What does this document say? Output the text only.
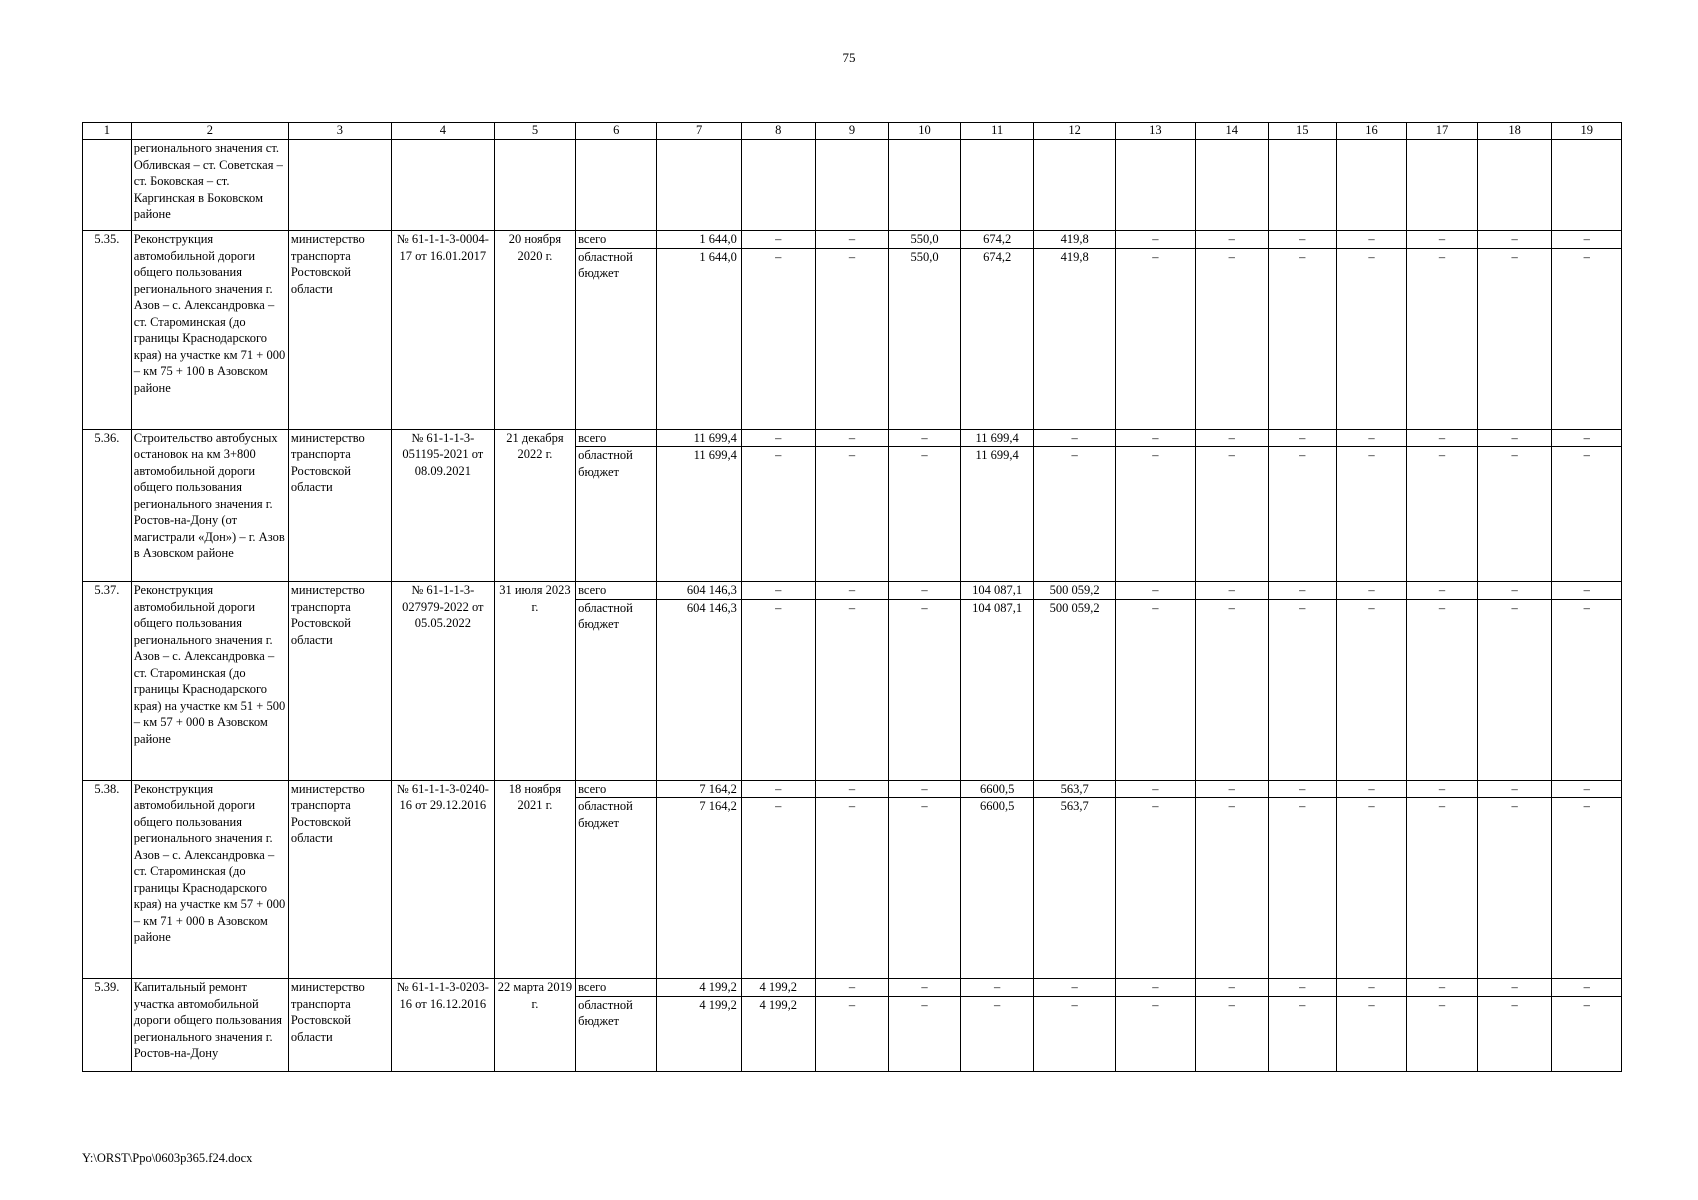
75
1	2	3	4	5	6	7	8	9	10	11	12	13	14	15	16	17	18	19
	регионального значения ст. Обливская – ст. Советская – ст. Боковская – ст. Каргинская в Боковском районе																	
5.35.	Реконструкция автомобильной дороги общего пользования регионального значения г. Азов – с. Александровка – ст. Староминская (до границы Краснодарского края) на участке км 71 + 000 – км 75 + 100 в Азовском районе	министерство транспорта Ростовской области	№ 61-1-1-3-0004-17 от 16.01.2017	20 ноября 2020 г.	всего	1 644,0	–	–	550,0	674,2	419,8	–	–	–	–	–	–	–
					областной бюджет	1 644,0	–	–	550,0	674,2	419,8	–	–	–	–	–	–	–
5.36.	Строительство автобусных остановок на км 3+800 автомобильной дороги общего пользования регионального значения г. Ростов-на-Дону (от магистрали «Дон») – г. Азов в Азовском районе	министерство транспорта Ростовской области	№ 61-1-1-3-051195-2021 от 08.09.2021	21 декабря 2022 г.	всего	11 699,4	–	–	–	11 699,4	–	–	–	–	–	–	–	–
					областной бюджет	11 699,4	–	–	–	11 699,4	–	–	–	–	–	–	–	–
5.37.	Реконструкция автомобильной дороги общего пользования регионального значения г. Азов – с. Александровка – ст. Староминская (до границы Краснодарского края) на участке км 51 + 500 – км 57 + 000 в Азовском районе	министерство транспорта Ростовской области	№ 61-1-1-3-027979-2022 от 05.05.2022	31 июля 2023 г.	всего	604 146,3	–	–	–	104 087,1	500 059,2	–	–	–	–	–	–	–
					областной бюджет	604 146,3	–	–	–	104 087,1	500 059,2	–	–	–	–	–	–	–
5.38.	Реконструкция автомобильной дороги общего пользования регионального значения г. Азов – с. Александровка – ст. Староминская (до границы Краснодарского края) на участке км 57 + 000 – км 71 + 000 в Азовском районе	министерство транспорта Ростовской области	№ 61-1-1-3-0240-16 от 29.12.2016	18 ноября 2021 г.	всего	7 164,2	–	–	–	6600,5	563,7	–	–	–	–	–	–	–
					областной бюджет	7 164,2	–	–	–	6600,5	563,7	–	–	–	–	–	–	–
5.39.	Капитальный ремонт участка автомобильной дороги общего пользования регионального значения г. Ростов-на-Дону	министерство транспорта Ростовской области	№ 61-1-1-3-0203-16 от 16.12.2016	22 марта 2019 г.	всего	4 199,2	4 199,2	–	–	–	–	–	–	–	–	–	–	–
					областной бюджет	4 199,2	4 199,2	–	–	–	–	–	–	–	–	–	–	–
Y:\ORST\Ppo\0603p365.f24.docx
